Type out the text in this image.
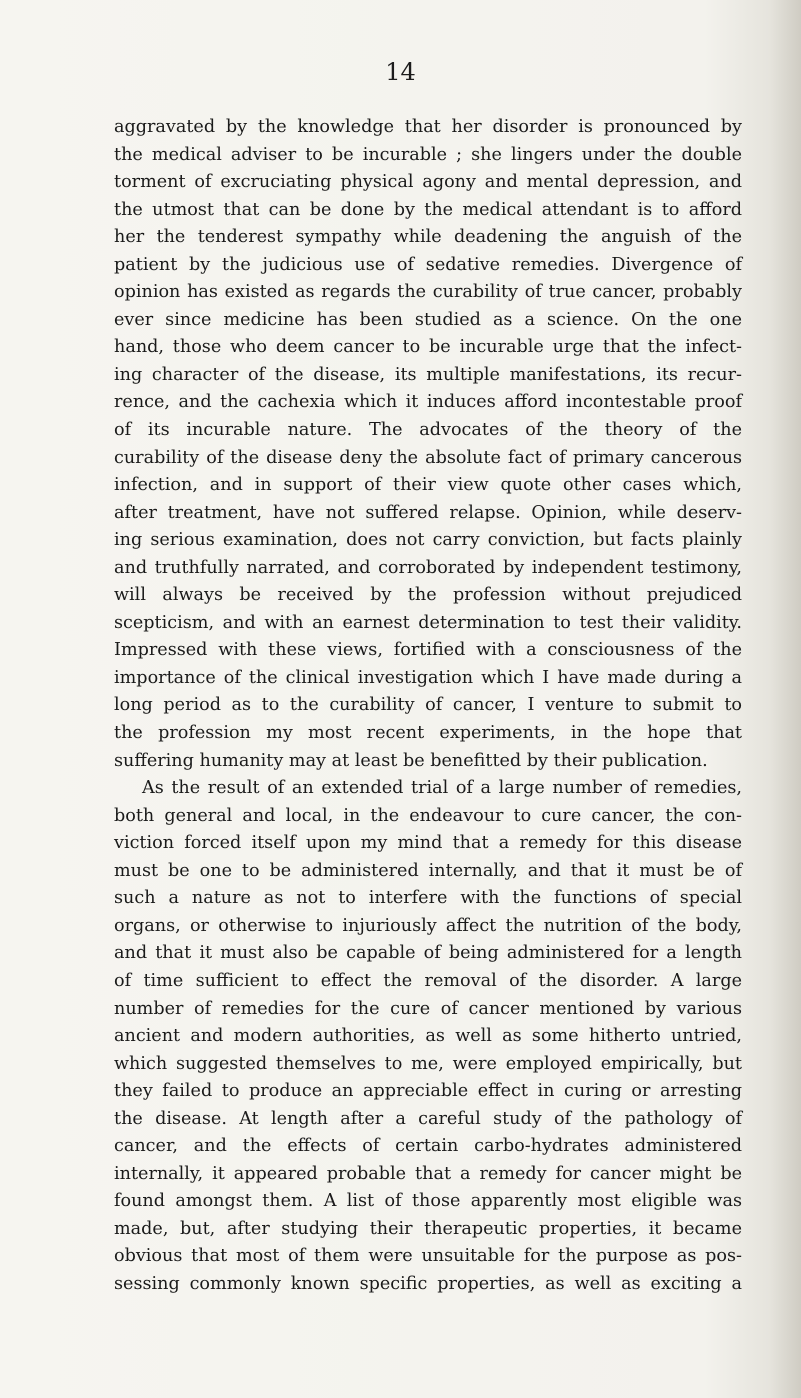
14
aggravated by the knowledge that her disorder is pronounced by
the medical adviser to be incurable ; she lingers under the double
torment of excruciating physical agony and mental depression, and
the utmost that can be done by the medical attendant is to afford
her the tenderest sympathy while deadening the anguish of the
patient by the judicious use of sedative remedies. Divergence of
opinion has existed as regards the curability of true cancer, probably
ever since medicine has been studied as a science. On the one
hand, those who deem cancer to be incurable urge that the infect-
ing character of the disease, its multiple manifestations, its recur-
rence, and the cachexia which it induces afford incontestable proof
of its incurable nature. The advocates of the theory of the
curability of the disease deny the absolute fact of primary cancerous
infection, and in support of their view quote other cases which,
after treatment, have not suffered relapse. Opinion, while deserv-
ing serious examination, does not carry conviction, but facts plainly
and truthfully narrated, and corroborated by independent testimony,
will always be received by the profession without prejudiced
scepticism, and with an earnest determination to test their validity.
Impressed with these views, fortified with a consciousness of the
importance of the clinical investigation which I have made during a
long period as to the curability of cancer, I venture to submit to
the profession my most recent experiments, in the hope that
suffering humanity may at least be benefitted by their publication.
As the result of an extended trial of a large number of remedies,
both general and local, in the endeavour to cure cancer, the con-
viction forced itself upon my mind that a remedy for this disease
must be one to be administered internally, and that it must be of
such a nature as not to interfere with the functions of special
organs, or otherwise to injuriously affect the nutrition of the body,
and that it must also be capable of being administered for a length
of time sufficient to effect the removal of the disorder. A large
number of remedies for the cure of cancer mentioned by various
ancient and modern authorities, as well as some hitherto untried,
which suggested themselves to me, were employed empirically, but
they failed to produce an appreciable effect in curing or arresting
the disease. At length after a careful study of the pathology of
cancer, and the effects of certain carbo-hydrates administered
internally, it appeared probable that a remedy for cancer might be
found amongst them. A list of those apparently most eligible was
made, but, after studying their therapeutic properties, it became
obvious that most of them were unsuitable for the purpose as pos-
sessing commonly known specific properties, as well as exciting a
